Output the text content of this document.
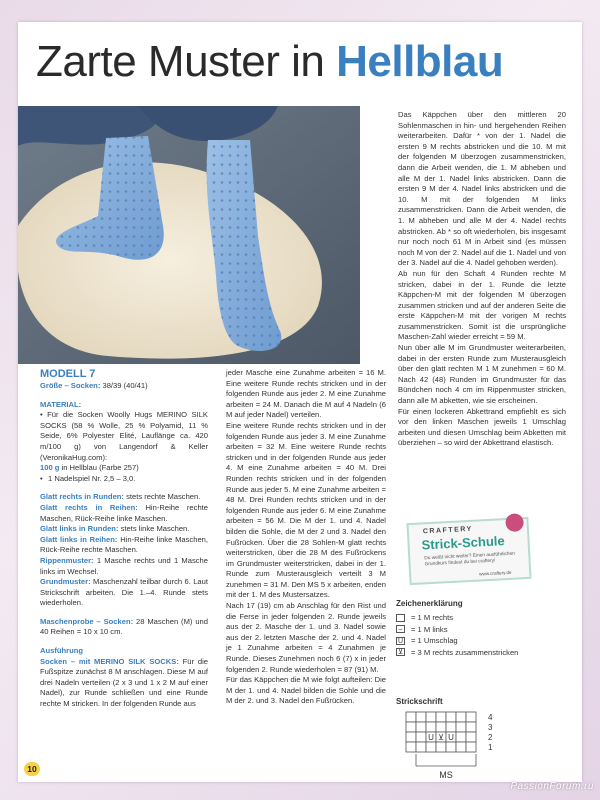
Zarte Muster in Hellblau

MODELL 7

Größe – Socken: 38/39 (40/41)

MATERIAL:

• Für die Socken Woolly Hugs MERINO SILK SOCKS (58 % Wolle, 25 % Polyamid, 11 % Seide, 6% Polyester Elité, Lauflänge ca. 420 m/100 g) von Langendorf & Keller (VeronikaHug.com):

100 g in Hellblau (Farbe 257)

• 1 Nadelspiel Nr. 2,5 – 3,0.

Glatt rechts in Runden: stets rechte Maschen.

Glatt rechts in Reihen: Hin-Reihe rechte Maschen, Rück-Reihe linke Maschen.

Glatt links in Runden: stets linke Maschen.

Glatt links in Reihen: Hin-Reihe linke Maschen, Rück-Reihe rechte Maschen.

Rippenmuster: 1 Masche rechts und 1 Masche links im Wechsel.

Grundmuster: Maschenzahl teilbar durch 6. Laut Strickschrift arbeiten. Die 1.–4. Runde stets wiederholen.

Maschenprobe – Socken: 28 Maschen (M) und 40 Reihen = 10 x 10 cm.

Ausführung

Socken – mit MERINO SILK SOCKS: Für die Fußspitze zunächst 8 M anschlagen. Diese M auf drei Nadeln verteilen (2 x 3 und 1 x 2 M auf einer Nadel), zur Runde schließen und eine Runde rechte M stricken. In der folgenden Runde aus

jeder Masche eine Zunahme arbeiten = 16 M. Eine weitere Runde rechts stricken und in der folgenden Runde aus jeder 2. M eine Zunahme arbeiten = 24 M. Danach die M auf 4 Nadeln (6 M auf jeder Nadel) verteilen.

Eine weitere Runde rechts stricken und in der folgenden Runde aus jeder 3. M eine Zunahme arbeiten = 32 M. Eine weitere Runde rechts stricken und in der folgenden Runde aus jeder 4. M eine Zunahme arbeiten = 40 M. Drei Runden rechts stricken und in der folgenden Runde aus jeder 5. M eine Zunahme arbeiten = 48 M. Drei Runden rechts stricken und in der folgenden Runde aus jeder 6. M eine Zunahme arbeiten = 56 M. Die M der 1. und 4. Nadel bilden die Sohle, die M der 2 und 3. Nadel den Fußrücken. Über die 28 Sohlen-M glatt rechts weiterstricken, über die 28 M des Fußrückens im Grundmuster weiterstricken, dabei in der 1. Runde zum Musterausgleich verteilt 3 M zunehmen = 31 M. Den MS 5 x arbeiten, enden mit der 1. M des Mustersatzes.

Nach 17 (19) cm ab Anschlag für den Rist und die Ferse in jeder folgenden 2. Runde jeweils aus der 2. Masche der 1. und 3. Nadel sowie aus der 2. letzten Masche der 2. und 4. Nadel je 1 Zunahme arbeiten = 4 Zunahmen je Runde. Dieses Zunehmen noch 6 (7) x in jeder folgenden 2. Runde wiederholen = 87 (91) M.

Für das Käppchen die M wie folgt aufteilen: Die M der 1. und 4. Nadel bilden die Sohle und die M der 2. und 3. Nadel den Fußrücken.

Das Käppchen über den mittleren 20 Sohlenmaschen in hin- und hergehenden Reihen weiterarbeiten. Dafür * von der 1. Nadel die ersten 9 M rechts abstricken und die 10. M mit der folgenden M überzogen zusammenstricken, dann die Arbeit wenden, die 1. M abheben und alle M der 1. Nadel links abstricken. Dann die ersten 9 M der 4. Nadel links abstricken und die 10. M mit der folgenden M links zusammenstricken. Dann die Arbeit wenden, die 1. M abheben und alle M der 4. Nadel rechts abstricken. Ab * so oft wiederholen, bis insgesamt nur noch noch 61 M in Arbeit sind (es müssen noch M von der 2. Nadel auf die 1. Nadel und von der 3. Nadel auf die 4. Nadel gehoben werden).

Ab nun für den Schaft 4 Runden rechte M stricken, dabei in der 1. Runde die letzte Käppchen-M mit der folgenden M überzogen zusammen stricken und auf der anderen Seite die erste Käppchen-M mit der vorigen M rechts zusammenstricken. Somit ist die ursprüngliche Maschen-Zahl wieder erreicht = 59 M.

Nun über alle M im Grundmuster weiterarbeiten, dabei in der ersten Runde zum Musterausgleich über den glatt rechten M 1 M zunehmen = 60 M. Nach 42 (48) Runden im Grundmuster für das Bündchen noch 4 cm im Rippenmuster stricken, dann alle M abketten, wie sie erscheinen.

Für einen lockeren Abkettrand empfiehlt es sich vor den linken Maschen jeweils 1 Umschlag arbeiten und diesen Umschlag beim Abketten mit überziehen – so wird der Abkettrand elastisch.

CRAFTERY
Strick-Schule
Du weißt nicht weiter? Einen ausführlichen Grundkurs findest du bei craftery!
www.craftery.de
Zeichenerklärung
= 1 M rechts
–	= 1 M links
U = 1 Umschlag
⊻ = 3 M rechts zusammenstricken
Strickschrift
U ⊻ U
4
3
2
1
MS
10
PassionForum.ru
